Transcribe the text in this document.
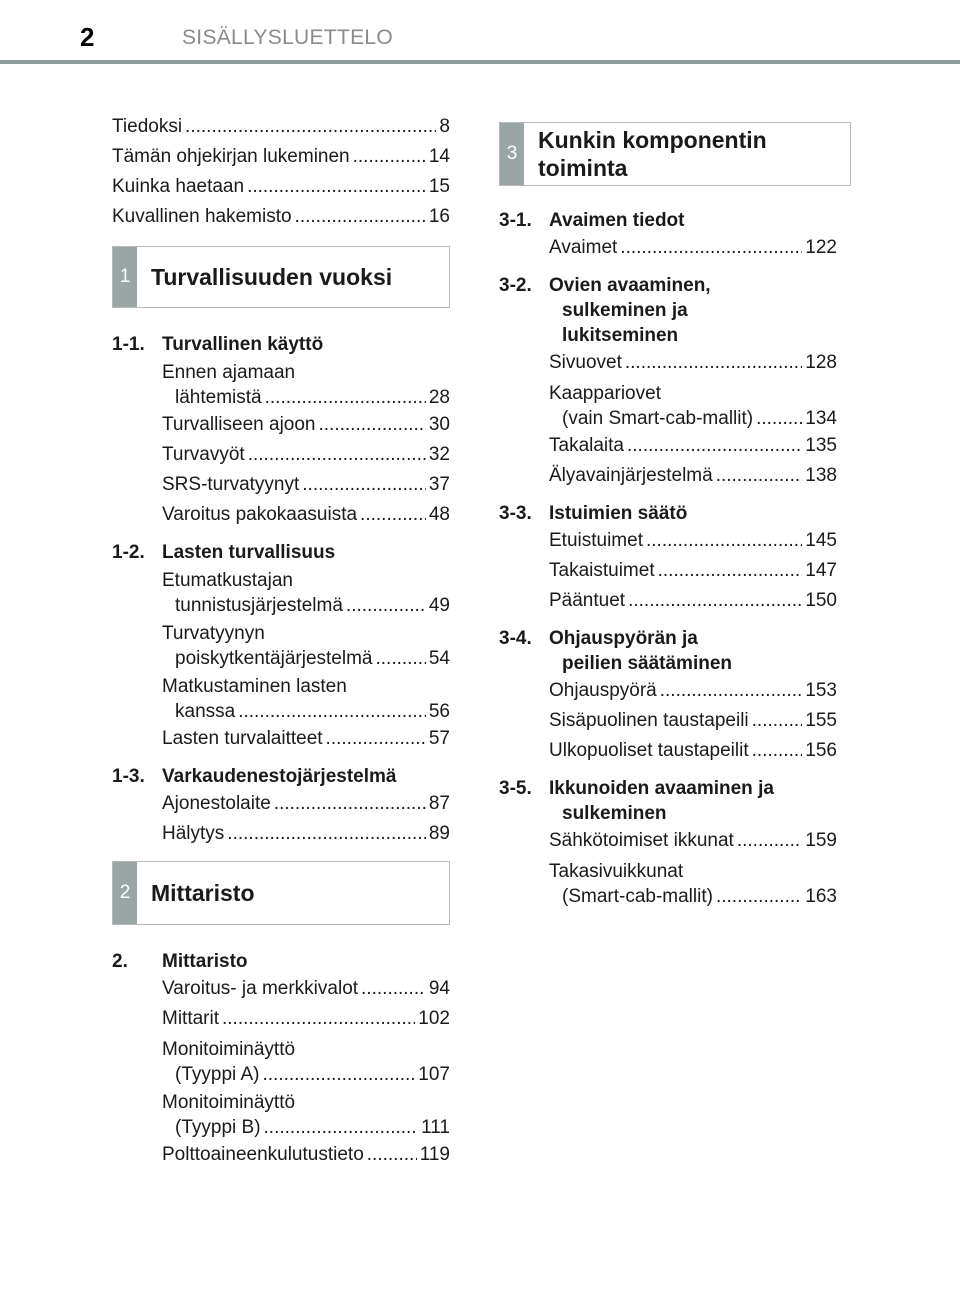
2	SISÄLLYSLUETTELO
Tiedoksi .....	8
Tämän ohjekirjan lukeminen .....	14
Kuinka haetaan .....	15
Kuvallinen hakemisto .....	16
1 Turvallisuuden vuoksi
1-1. Turvallinen käyttö
Ennen ajamaan
lähtemistä .....	28
Turvalliseen ajoon .....	30
Turvavyöt .....	32
SRS-turvatyynyt .....	37
Varoitus pakokaasuista .....	48
1-2. Lasten turvallisuus
Etumatkustajan
tunnistusjärjestelmä .....	49
Turvatyynyn
poiskytkentäjärjestelmä .....	54
Matkustaminen lasten
kanssa .....	56
Lasten turvalaitteet .....	57
1-3. Varkaudenestojärjestelmä
Ajonestolaite .....	87
Hälytys .....	89
2 Mittaristo
2.	Mittaristo
Varoitus- ja merkkivalot .....	94
Mittarit .....	102
Monitoiminäyttö
(Tyyppi A) .....	107
Monitoiminäyttö
(Tyyppi B) .....	111
Polttoaineenkulutustieto .....	119
3
Kunkin komponentin
toiminta
3-1. Avaimen tiedot
Avaimet .....	122
3-2. Ovien avaaminen,
sulkeminen ja
lukitseminen
Sivuovet .....	128
Kaappariovet
(vain Smart-cab-mallit) .....	134
Takalaita .....	135
Älyavainjärjestelmä .....	138
3-3. Istuimien säätö
Etuistuimet .....	145
Takaistuimet .....	147
Pääntuet .....	150
3-4. Ohjauspyörän ja
peilien säätäminen
Ohjauspyörä .....	153
Sisäpuolinen taustapeili .....	155
Ulkopuoliset taustapeilit .....	156
3-5. Ikkunoiden avaaminen ja
sulkeminen
Sähkötoimiset ikkunat .....	159
Takasivuikkunat
(Smart-cab-mallit) .....	163
